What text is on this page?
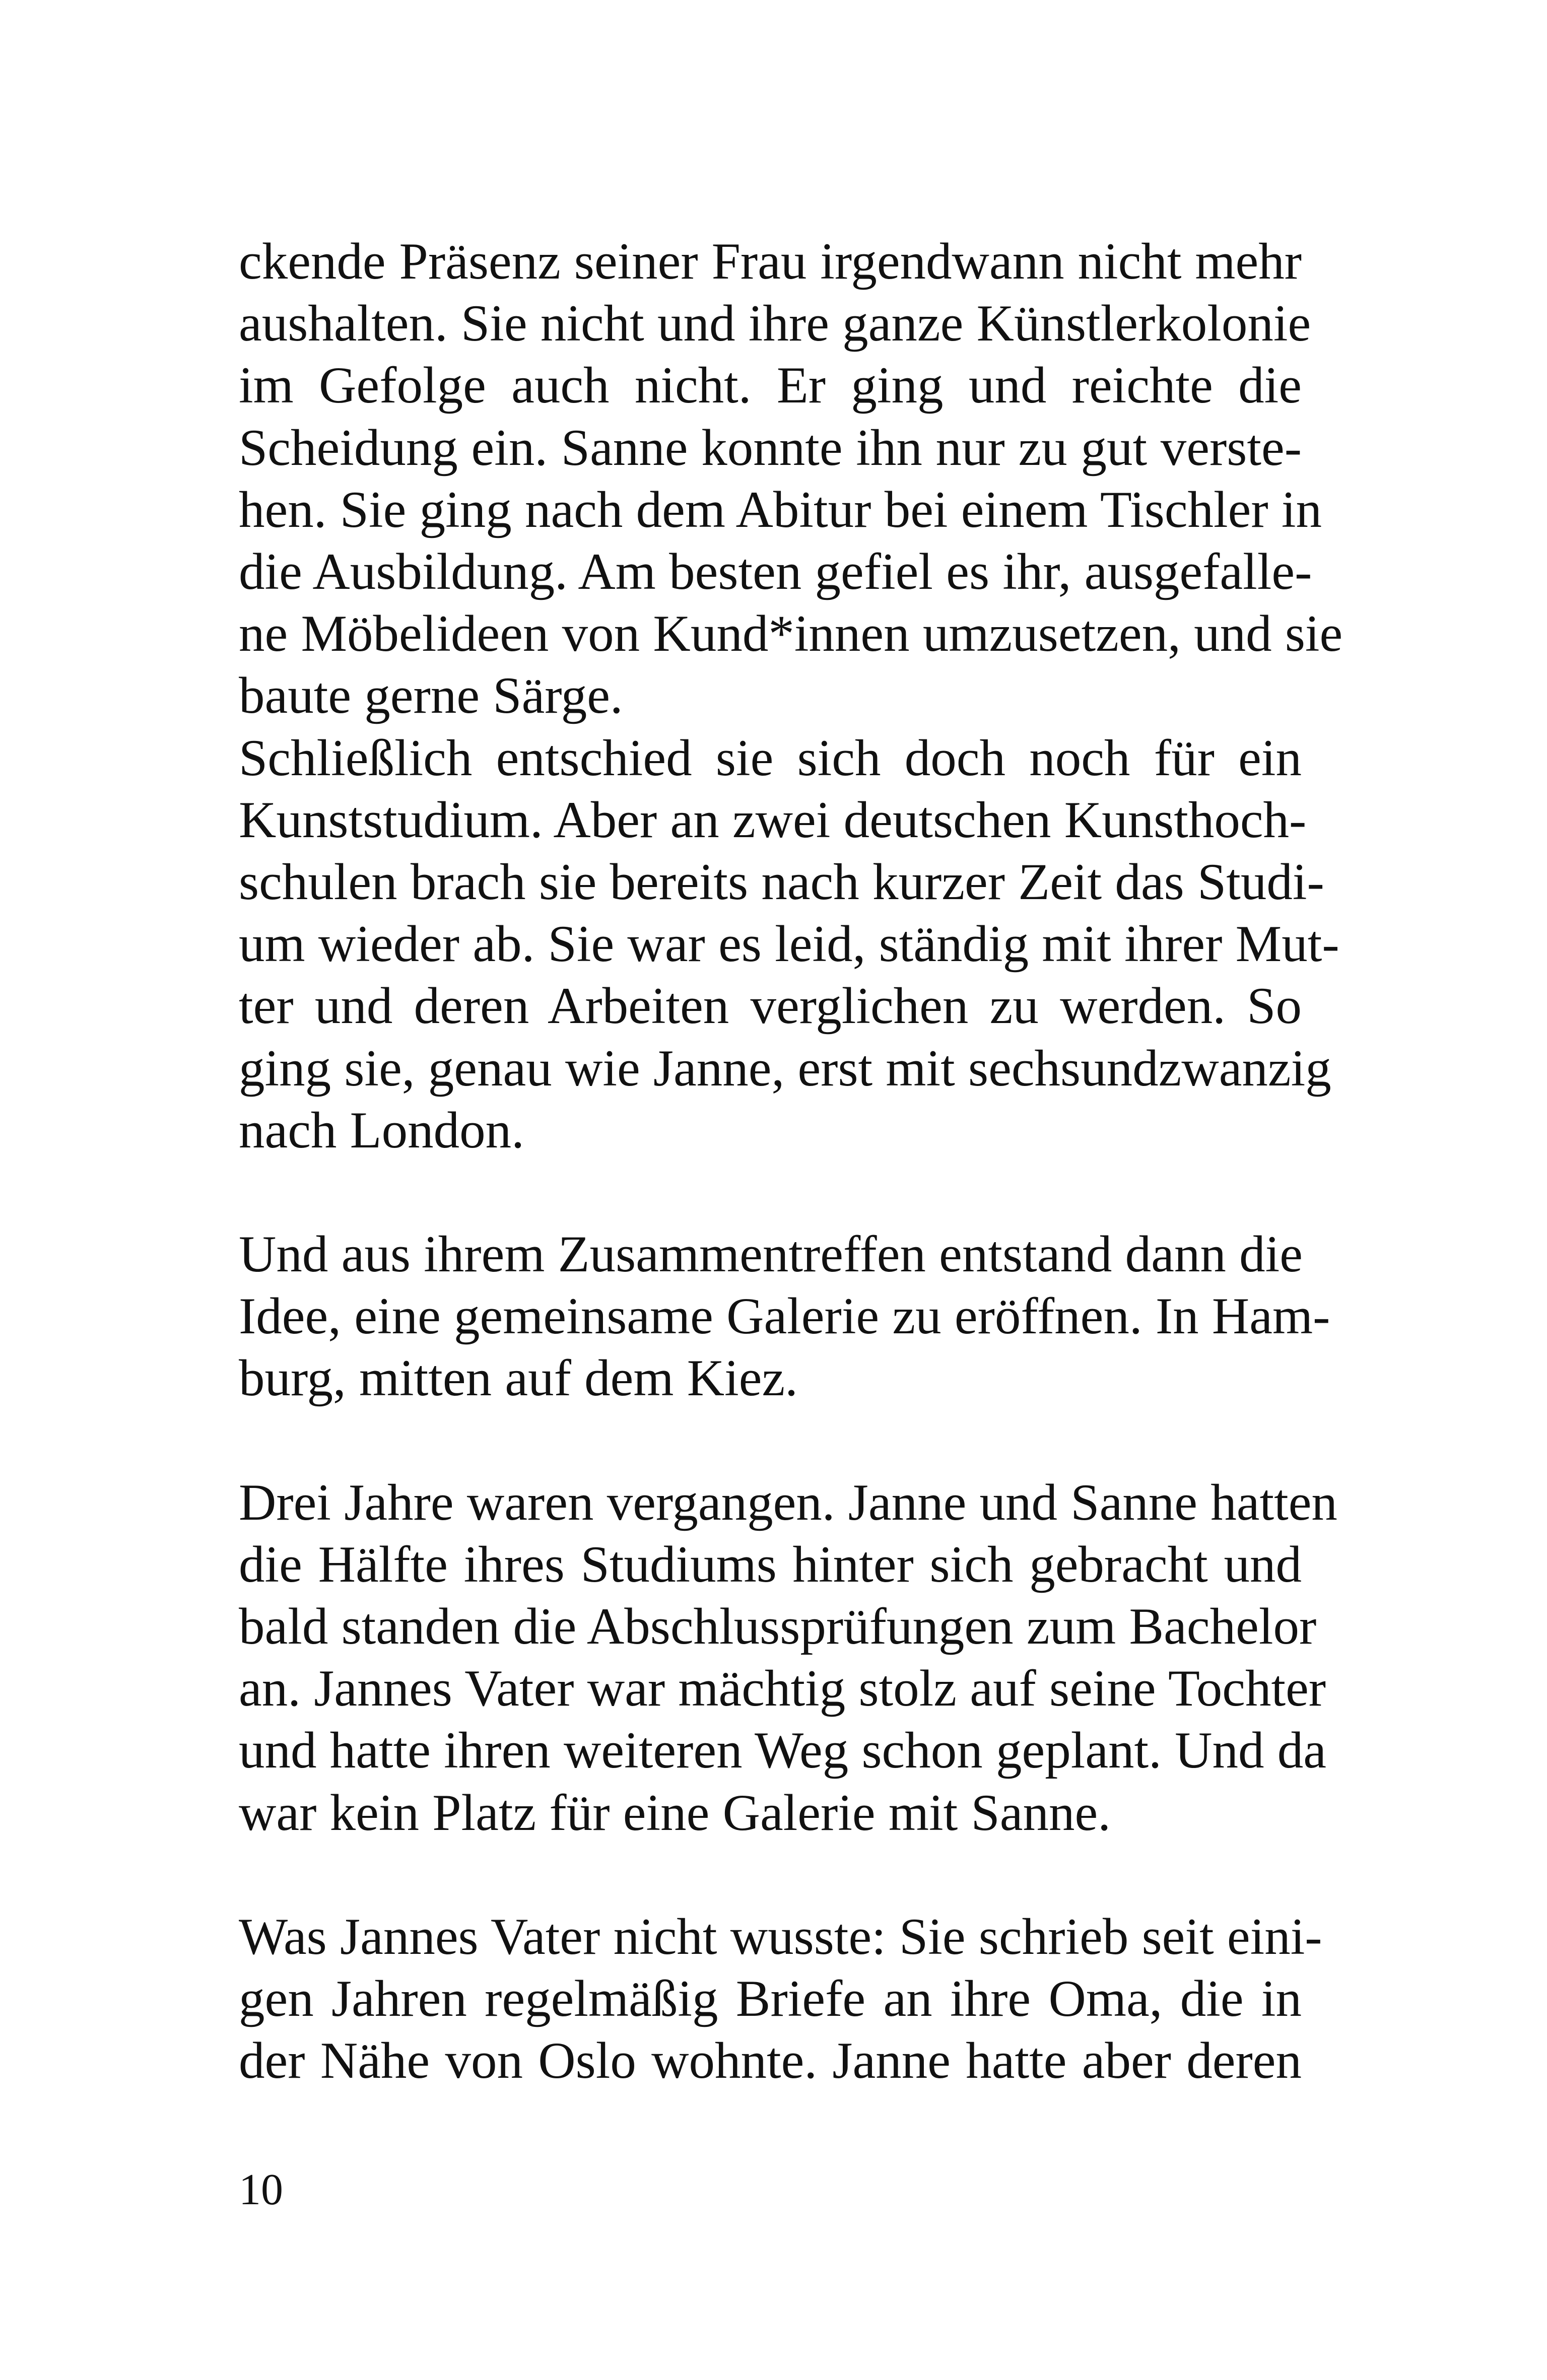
ckende Präsenz seiner Frau irgendwann nicht mehr
aushalten. Sie nicht und ihre ganze Künstlerkolonie
im Gefolge auch nicht. Er ging und reichte die
Scheidung ein. Sanne konnte ihn nur zu gut verste-
hen. Sie ging nach dem Abitur bei einem Tischler in
die Ausbildung. Am besten gefiel es ihr, ausgefalle-
ne Möbelideen von Kund*innen umzusetzen, und sie
baute gerne Särge.

Schließlich entschied sie sich doch noch für ein
Kunststudium. Aber an zwei deutschen Kunsthoch-
schulen brach sie bereits nach kurzer Zeit das Studi-
um wieder ab. Sie war es leid, ständig mit ihrer Mut-
ter und deren Arbeiten verglichen zu werden. So
ging sie, genau wie Janne, erst mit sechsundzwanzig
nach London.

Und aus ihrem Zusammentreffen entstand dann die
Idee, eine gemeinsame Galerie zu eröffnen. In Ham-
burg, mitten auf dem Kiez.

Drei Jahre waren vergangen. Janne und Sanne hatten
die Hälfte ihres Studiums hinter sich gebracht und
bald standen die Abschlussprüfungen zum Bachelor
an. Jannes Vater war mächtig stolz auf seine Tochter
und hatte ihren weiteren Weg schon geplant. Und da
war kein Platz für eine Galerie mit Sanne.

Was Jannes Vater nicht wusste: Sie schrieb seit eini-
gen Jahren regelmäßig Briefe an ihre Oma, die in
der Nähe von Oslo wohnte. Janne hatte aber deren

10
